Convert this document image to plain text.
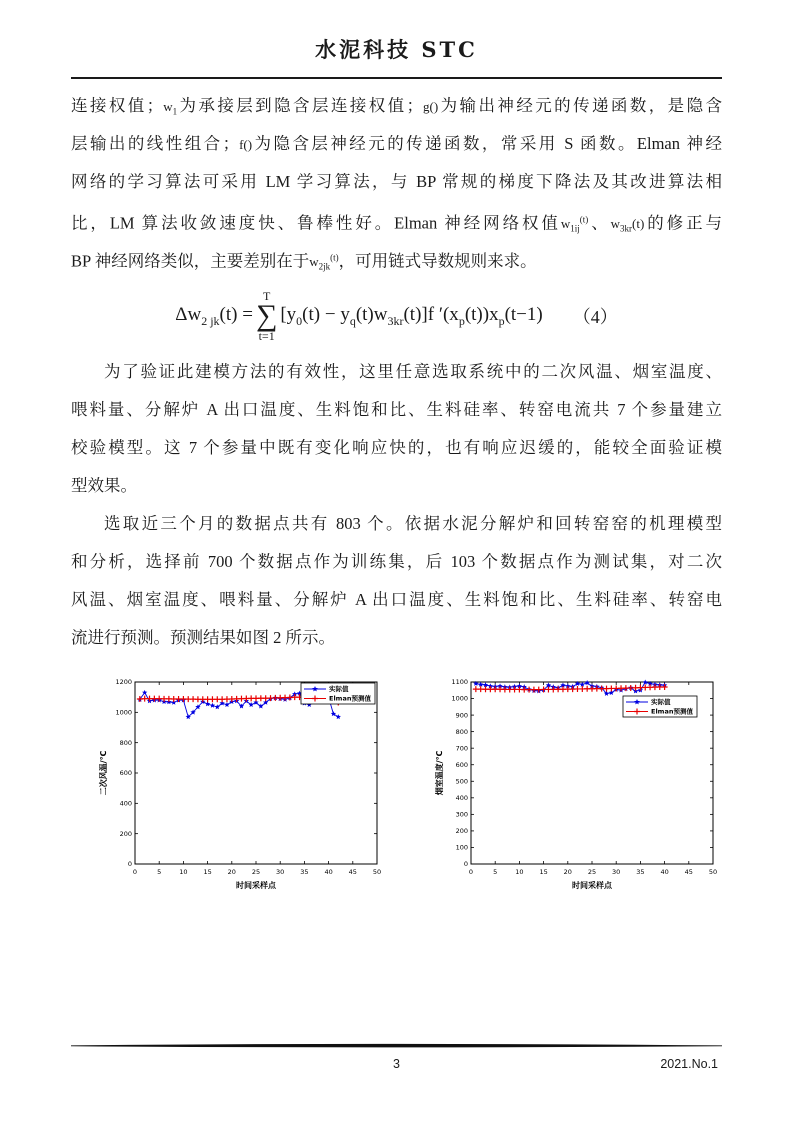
水泥科技 STC
连接权值；$w_1$为承接层到隐含层连接权值；g()为输出神经元的传递函数，是隐含
层输出的线性组合；f()为隐含层神经元的传递函数，常采用 S 函数。Elman 神经
网络的学习算法可采用 LM 学习算法，与 BP 常规的梯度下降法及其改进算法相
比，LM 算法收敛速度快、鲁棒性好。Elman 神经网络权值$w_{1ij}^{(t)}$、$w_{3kr}(t)$的修正与
BP 神经网络类似，主要差别在于$w_{2jk}^{(t)}$，可用链式导数规则来求。
$\Delta w_{2 jk}(t)$ =
T
∑
t=1
$[y_0(t) - y_q(t)w_{3kr}(t)]f$ $'(x_p(t))x_p(t-1)$ （4）
为了验证此建模方法的有效性，这里任意选取系统中的二次风温、烟室温度、
喂料量、分解炉 A 出口温度、生料饱和比、生料硅率、转窑电流共 7 个参量建立
校验模型。这 7 个参量中既有变化响应快的，也有响应迟缓的，能较全面验证模
型效果。
选取近三个月的数据点共有 803 个。依据水泥分解炉和回转窑窑的机理模型
和分析，选择前 700 个数据点作为训练集，后 103 个数据点作为测试集，对二次
风温、烟室温度、喂料量、分解炉 A 出口温度、生料饱和比、生料硅率、转窑电
流进行预测。预测结果如图 2 所示。
0	5	10 15 20 25 30 35 40 45 50
0
200
400
600
800
1000
1200
时间采样点
二次风温/℃
实际值
Elman预测值
0	5	10 15 20 25 30 35 40 45 50
0
100
200
300
400
500
600
700
800
900
1000
1100
时间采样点
烟室温度/℃
实际值
Elman预测值
3	2021.No.1
